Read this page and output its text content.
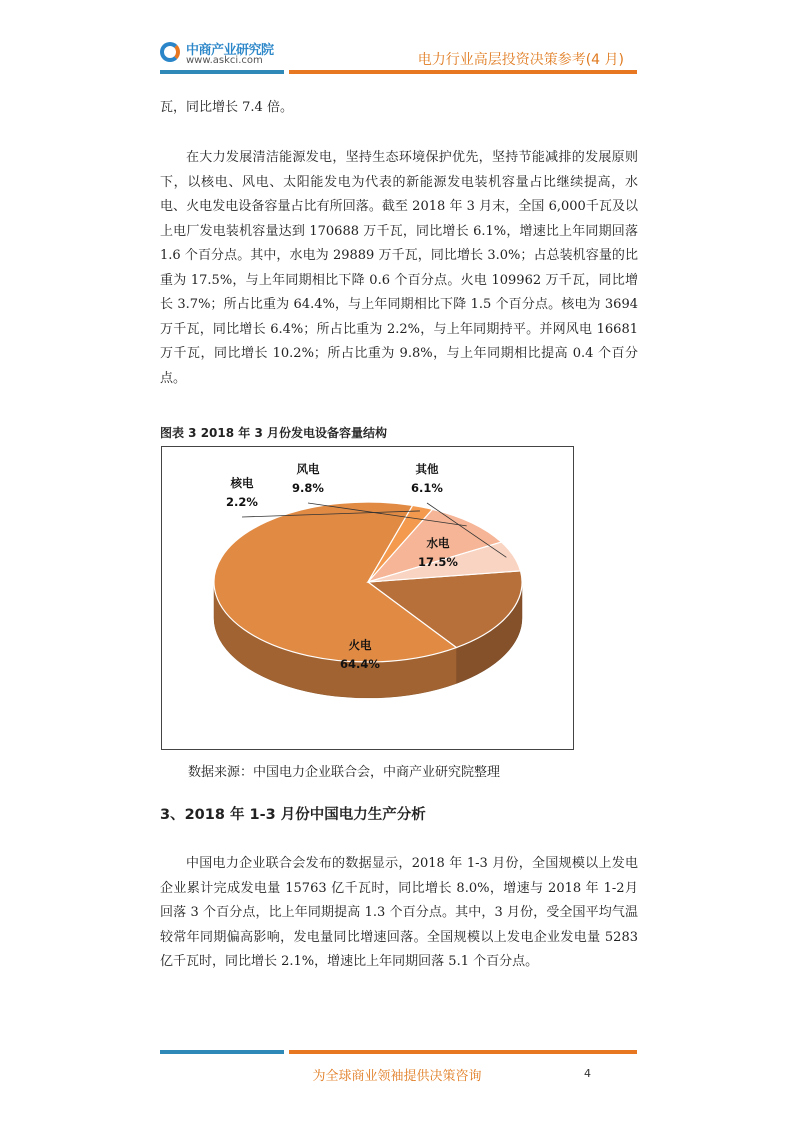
中商产业研究院
www.askci.com	电力行业高层投资决策参考(4 月)

瓦，同比增长 7.4 倍。

在大力发展清洁能源发电，坚持生态环境保护优先，坚持节能减排的发展原则下，以核电、风电、太阳能发电为代表的新能源发电装机容量占比继续提高，水电、火电发电设备容量占比有所回落。截至 2018 年 3 月末，全国 6,000千瓦及以上电厂发电装机容量达到 170688 万千瓦，同比增长 6.1%，增速比上年同期回落 1.6 个百分点。其中，水电为 29889 万千瓦，同比增长 3.0%；占总装机容量的比重为 17.5%，与上年同期相比下降 0.6 个百分点。火电 109962 万千瓦，同比增长 3.7%；所占比重为 64.4%，与上年同期相比下降 1.5 个百分点。核电为 3694 万千瓦，同比增长 6.4%；所占比重为 2.2%，与上年同期持平。并网风电 16681 万千瓦，同比增长 10.2%；所占比重为 9.8%，与上年同期相比提高 0.4 个百分点。

图表 3 2018 年 3 月份发电设备容量结构
水电
17.5%
火电
64.4%
核电
2.2%
风电
9.8%
其他
6.1%
数据来源：中国电力企业联合会，中商产业研究院整理
3、2018 年 1-3 月份中国电力生产分析

中国电力企业联合会发布的数据显示，2018 年 1-3 月份，全国规模以上发电企业累计完成发电量 15763 亿千瓦时，同比增长 8.0%，增速与 2018 年 1-2月回落 3 个百分点，比上年同期提高 1.3 个百分点。其中，3 月份，受全国平均气温较常年同期偏高影响，发电量同比增速回落。全国规模以上发电企业发电量 5283 亿千瓦时，同比增长 2.1%，增速比上年同期回落 5.1 个百分点。

为全球商业领袖提供决策咨询	4
